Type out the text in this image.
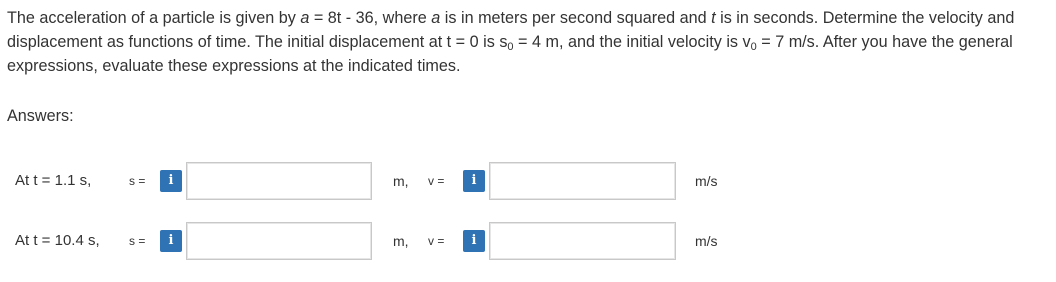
The acceleration of a particle is given by a = 8t - 36, where a is in meters per second squared and t is in seconds. Determine the velocity and displacement as functions of time. The initial displacement at t = 0 is $s_0 = 4$ m, and the initial velocity is $v_0 = 7$ m/s. After you have the general expressions, evaluate these expressions at the indicated times.
Answers:
At t = 1.1 s,	s =	i	m, v =	i	m/s
At t = 10.4 s, s =	i	m, v =	i	m/s
